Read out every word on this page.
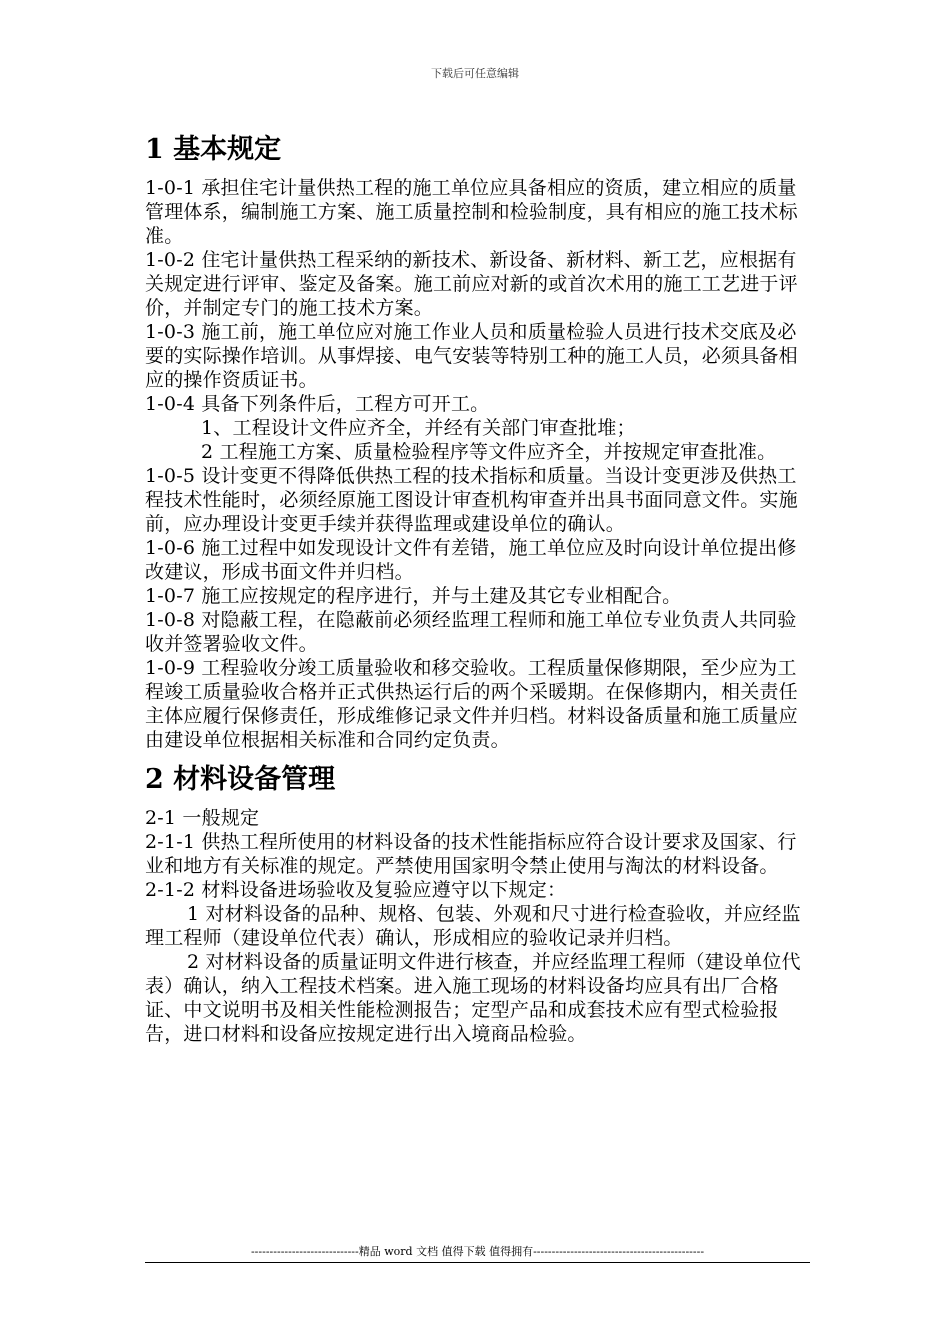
下载后可任意编辑
1 基本规定

1-0-1 承担住宅计量供热工程的施工单位应具备相应的资质，建立相应的质量管理体系，编制施工方案、施工质量控制和检验制度，具有相应的施工技术标准。

1-0-2 住宅计量供热工程采纳的新技术、新设备、新材料、新工艺，应根据有关规定进行评审、鉴定及备案。施工前应对新的或首次术用的施工工艺进于评价，并制定专门的施工技术方案。

1-0-3 施工前，施工单位应对施工作业人员和质量检验人员进行技术交底及必要的实际操作培训。从事焊接、电气安装等特别工种的施工人员，必须具备相应的操作资质证书。

1-0-4 具备下列条件后，工程方可开工。

1、工程设计文件应齐全，并经有关部门审查批堆；

2 工程施工方案、质量检验程序等文件应齐全，并按规定审查批准。

1-0-5 设计变更不得降低供热工程的技术指标和质量。当设计变更涉及供热工程技术性能时，必须经原施工图设计审查机构审查并出具书面同意文件。实施前，应办理设计变更手续并获得监理或建设单位的确认。

1-0-6 施工过程中如发现设计文件有差错，施工单位应及时向设计单位提出修改建议，形成书面文件并归档。

1-0-7 施工应按规定的程序进行，并与土建及其它专业相配合。

1-0-8 对隐蔽工程，在隐蔽前必须经监理工程师和施工单位专业负责人共同验收并签署验收文件。

1-0-9 工程验收分竣工质量验收和移交验收。工程质量保修期限，至少应为工程竣工质量验收合格并正式供热运行后的两个采暖期。在保修期内，相关责任主体应履行保修责任，形成维修记录文件并归档。材料设备质量和施工质量应由建设单位根据相关标准和合同约定负责。

2 材料设备管理

2-1 一般规定

2-1-1 供热工程所使用的材料设备的技术性能指标应符合设计要求及国家、行业和地方有关标准的规定。严禁使用国家明令禁止使用与淘汰的材料设备。

2-1-2 材料设备进场验收及复验应遵守以下规定：

1 对材料设备的品种、规格、包装、外观和尺寸进行检查验收，并应经监理工程师（建设单位代表）确认，形成相应的验收记录并归档。

2 对材料设备的质量证明文件进行核查，并应经监理工程师（建设单位代表）确认，纳入工程技术档案。进入施工现场的材料设备均应具有出厂合格证、中文说明书及相关性能检测报告；定型产品和成套技术应有型式检验报告，进口材料和设备应按规定进行出入境商品检验。

-----------------------------精品 word 文档 值得下载 值得拥有----------------------------------------------
